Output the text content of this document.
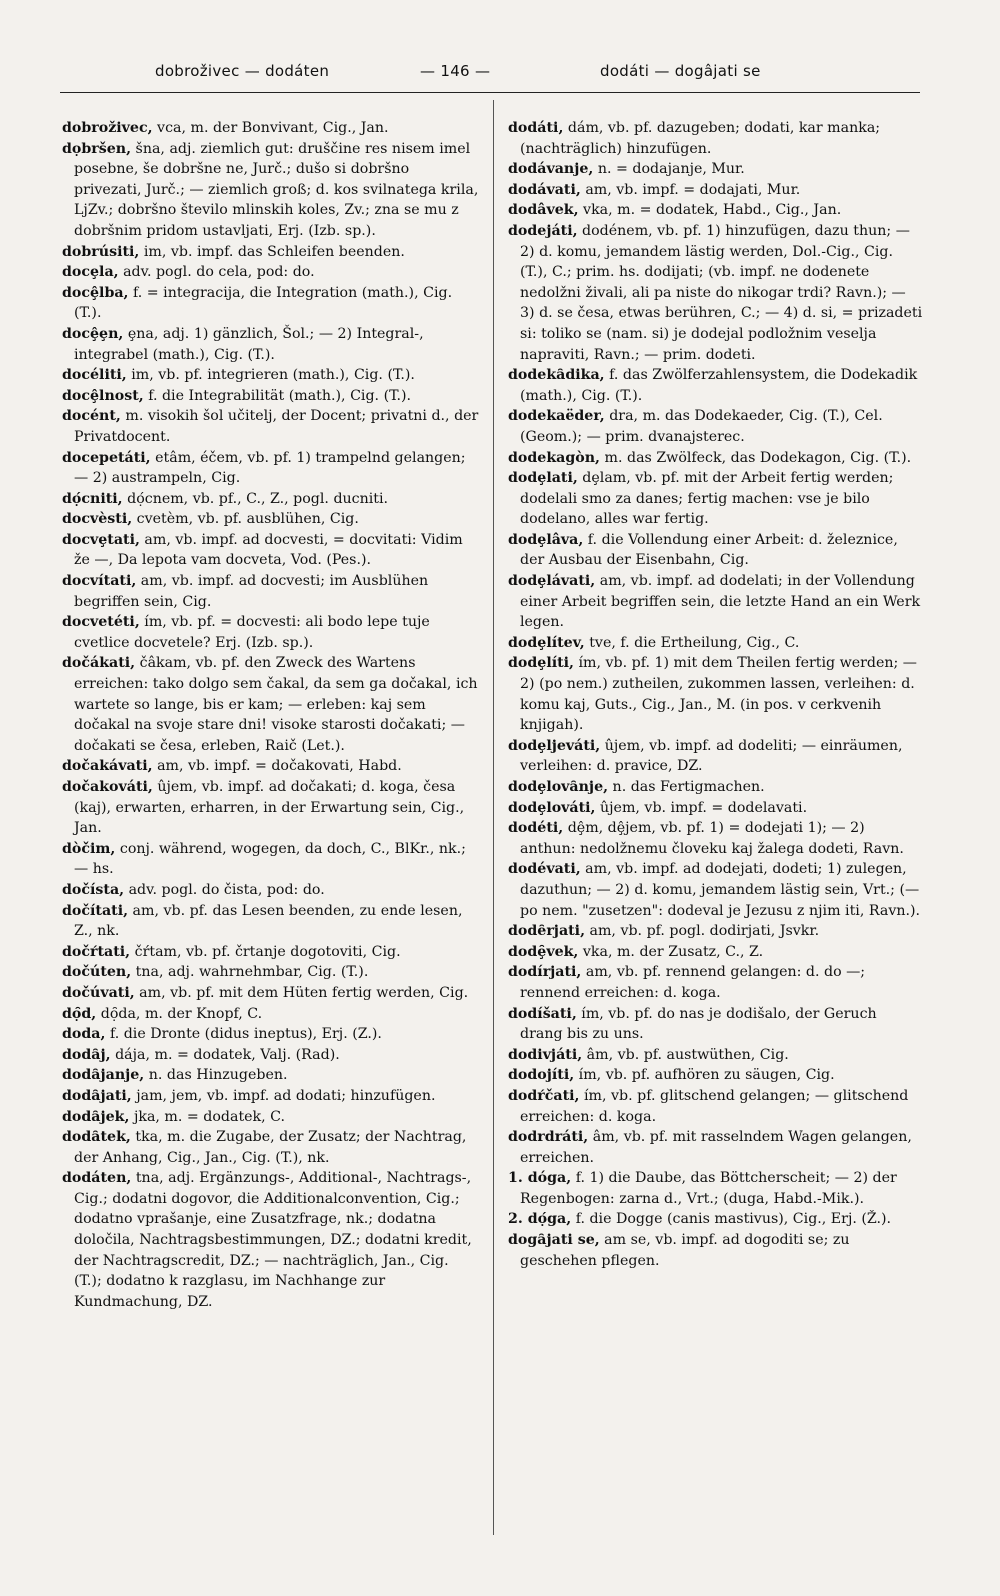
dobroživec — dodáten	— 146 —	dodáti — dogâjati se

dobroživec, vca, m. der Bonvivant, Cig., Jan.

dọbršen, šna, adj. ziemlich gut: druščine res nisem imel posebne, še dobršne ne, Jurč.; dušo si dobršno privezati, Jurč.; — ziemlich groß; d. kos svilnatega krila, LjZv.; dobršno število mlinskih koles, Zv.; zna se mu z dobršnim pridom ustavljati, Erj. (Izb. sp.).

dobrúsiti, im, vb. impf. das Schleifen beenden.

docȩla, adv. pogl. do cela, pod: do.

docȩ̂lba, f. = integracija, die Integration (math.), Cig. (T.).

docȩ̂ȩn, ȩna, adj. 1) gänzlich, Šol.; — 2) Integral-, integrabel (math.), Cig. (T.).

docéliti, im, vb. pf. integrieren (math.), Cig. (T.).

docȩ̂lnost, f. die Integrabilität (math.), Cig. (T.).

docént, m. visokih šol učitelj, der Docent; privatni d., der Privatdocent.

docepetáti, etâm, éčem, vb. pf. 1) trampelnd gelangen; — 2) austrampeln, Cig.

dọ́cniti, dọ́cnem, vb. pf., C., Z., pogl. ducniti.

docvèsti, cvetèm, vb. pf. ausblühen, Cig.

docvȩtati, am, vb. impf. ad docvesti, = docvitati: Vidim že —, Da lepota vam docveta, Vod. (Pes.).

docvítati, am, vb. impf. ad docvesti; im Ausblühen begriffen sein, Cig.

docvetéti, ím, vb. pf. = docvesti: ali bodo lepe tuje cvetlice docvetele? Erj. (Izb. sp.).

dočákati, čâkam, vb. pf. den Zweck des Wartens erreichen: tako dolgo sem čakal, da sem ga dočakal, ich wartete so lange, bis er kam; — erleben: kaj sem dočakal na svoje stare dni! visoke starosti dočakati; — dočakati se česa, erleben, Raič (Let.).

dočakávati, am, vb. impf. = dočakovati, Habd.

dočakováti, ûjem, vb. impf. ad dočakati; d. koga, česa (kaj), erwarten, erharren, in der Erwartung sein, Cig., Jan.

dòčim, conj. während, wogegen, da doch, C., BlKr., nk.; — hs.

dočísta, adv. pogl. do čista, pod: do.

dočítati, am, vb. pf. das Lesen beenden, zu ende lesen, Z., nk.

dočŕtati, čŕtam, vb. pf. črtanje dogotoviti, Cig.

dočúten, tna, adj. wahrnehmbar, Cig. (T.).

dočúvati, am, vb. pf. mit dem Hüten fertig werden, Cig.

dọ̑d, dọ̑da, m. der Knopf, C.

doda, f. die Dronte (didus ineptus), Erj. (Z.).

dodȃj, dája, m. = dodatek, Valj. (Rad).

dodȃjanje, n. das Hinzugeben.

dodȃjati, jam, jem, vb. impf. ad dodati; hinzufügen.

dodȃjek, jka, m. = dodatek, C.

dodȃtek, tka, m. die Zugabe, der Zusatz; der Nachtrag, der Anhang, Cig., Jan., Cig. (T.), nk.

dodáten, tna, adj. Ergänzungs-, Additional-, Nachtrags-, Cig.; dodatni dogovor, die Additionalconvention, Cig.; dodatno vprašanje, eine Zusatzfrage, nk.; dodatna določila, Nachtragsbestimmungen, DZ.; dodatni kredit, der Nachtragscredit, DZ.; — nachträglich, Jan., Cig. (T.); dodatno k razglasu, im Nachhange zur Kundmachung, DZ.

dodáti, dám, vb. pf. dazugeben; dodati, kar manka; (nachträglich) hinzufügen.

dodávanje, n. = dodajanje, Mur.

dodávati, am, vb. impf. = dodajati, Mur.

dodâvek, vka, m. = dodatek, Habd., Cig., Jan.

dodejáti, dodénem, vb. pf. 1) hinzufügen, dazu thun; — 2) d. komu, jemandem lästig werden, Dol.-Cig., Cig. (T.), C.; prim. hs. dodijati; (vb. impf. ne dodenete nedolžni živali, ali pa niste do nikogar trdi? Ravn.); — 3) d. se česa, etwas berühren, C.; — 4) d. si, = prizadeti si: toliko se (nam. si) je dodejal podložnim veselja napraviti, Ravn.; — prim. dodeti.

dodekȃdika, f. das Zwölferzahlensystem, die Dodekadik (math.), Cig. (T.).

dodekaëder, dra, m. das Dodekaeder, Cig. (T.), Cel. (Geom.); — prim. dvanajsterec.

dodekagòn, m. das Zwölfeck, das Dodekagon, Cig. (T.).

dodȩlati, dȩlam, vb. pf. mit der Arbeit fertig werden; dodelali smo za danes; fertig machen: vse je bilo dodelano, alles war fertig.

dodȩlâva, f. die Vollendung einer Arbeit: d. železnice, der Ausbau der Eisenbahn, Cig.

dodȩlávati, am, vb. impf. ad dodelati; in der Vollendung einer Arbeit begriffen sein, die letzte Hand an ein Werk legen.

dodȩlítev, tve, f. die Ertheilung, Cig., C.

dodȩlíti, ím, vb. pf. 1) mit dem Theilen fertig werden; — 2) (po nem.) zutheilen, zukommen lassen, verleihen: d. komu kaj, Guts., Cig., Jan., M. (in pos. v cerkvenih knjigah).

dodȩljeváti, ûjem, vb. impf. ad dodeliti; — einräumen, verleihen: d. pravice, DZ.

dodȩlovȃnje, n. das Fertigmachen.

dodȩlováti, ûjem, vb. impf. = dodelavati.

dodéti, dȩ̂m, dȩ̂jem, vb. pf. 1) = dodejati 1); — 2) anthun: nedolžnemu človeku kaj žalega dodeti, Ravn.

dodévati, am, vb. impf. ad dodejati, dodeti; 1) zulegen, dazuthun; — 2) d. komu, jemandem lästig sein, Vrt.; (— po nem. "zusetzen": dodeval je Jezusu z njim iti, Ravn.).

dodȇrjati, am, vb. pf. pogl. dodirjati, Jsvkr.

dodȩ̑vek, vka, m. der Zusatz, C., Z.

dodírjati, am, vb. pf. rennend gelangen: d. do —; rennend erreichen: d. koga.

dodíšati, ím, vb. pf. do nas je dodišalo, der Geruch drang bis zu uns.

dodivjáti, âm, vb. pf. austwüthen, Cig.

dodojíti, ím, vb. pf. aufhören zu säugen, Cig.

dodŕčati, ím, vb. pf. glitschend gelangen; — glitschend erreichen: d. koga.

dodrdráti, âm, vb. pf. mit rasselndem Wagen gelangen, erreichen.

1. dóga, f. 1) die Daube, das Böttcherscheit; — 2) der Regenbogen: zarna d., Vrt.; (duga, Habd.-Mik.).

2. dọ́ga, f. die Dogge (canis mastivus), Cig., Erj. (Ž.).

dogȃjati se, am se, vb. impf. ad dogoditi se; zu geschehen pflegen.
